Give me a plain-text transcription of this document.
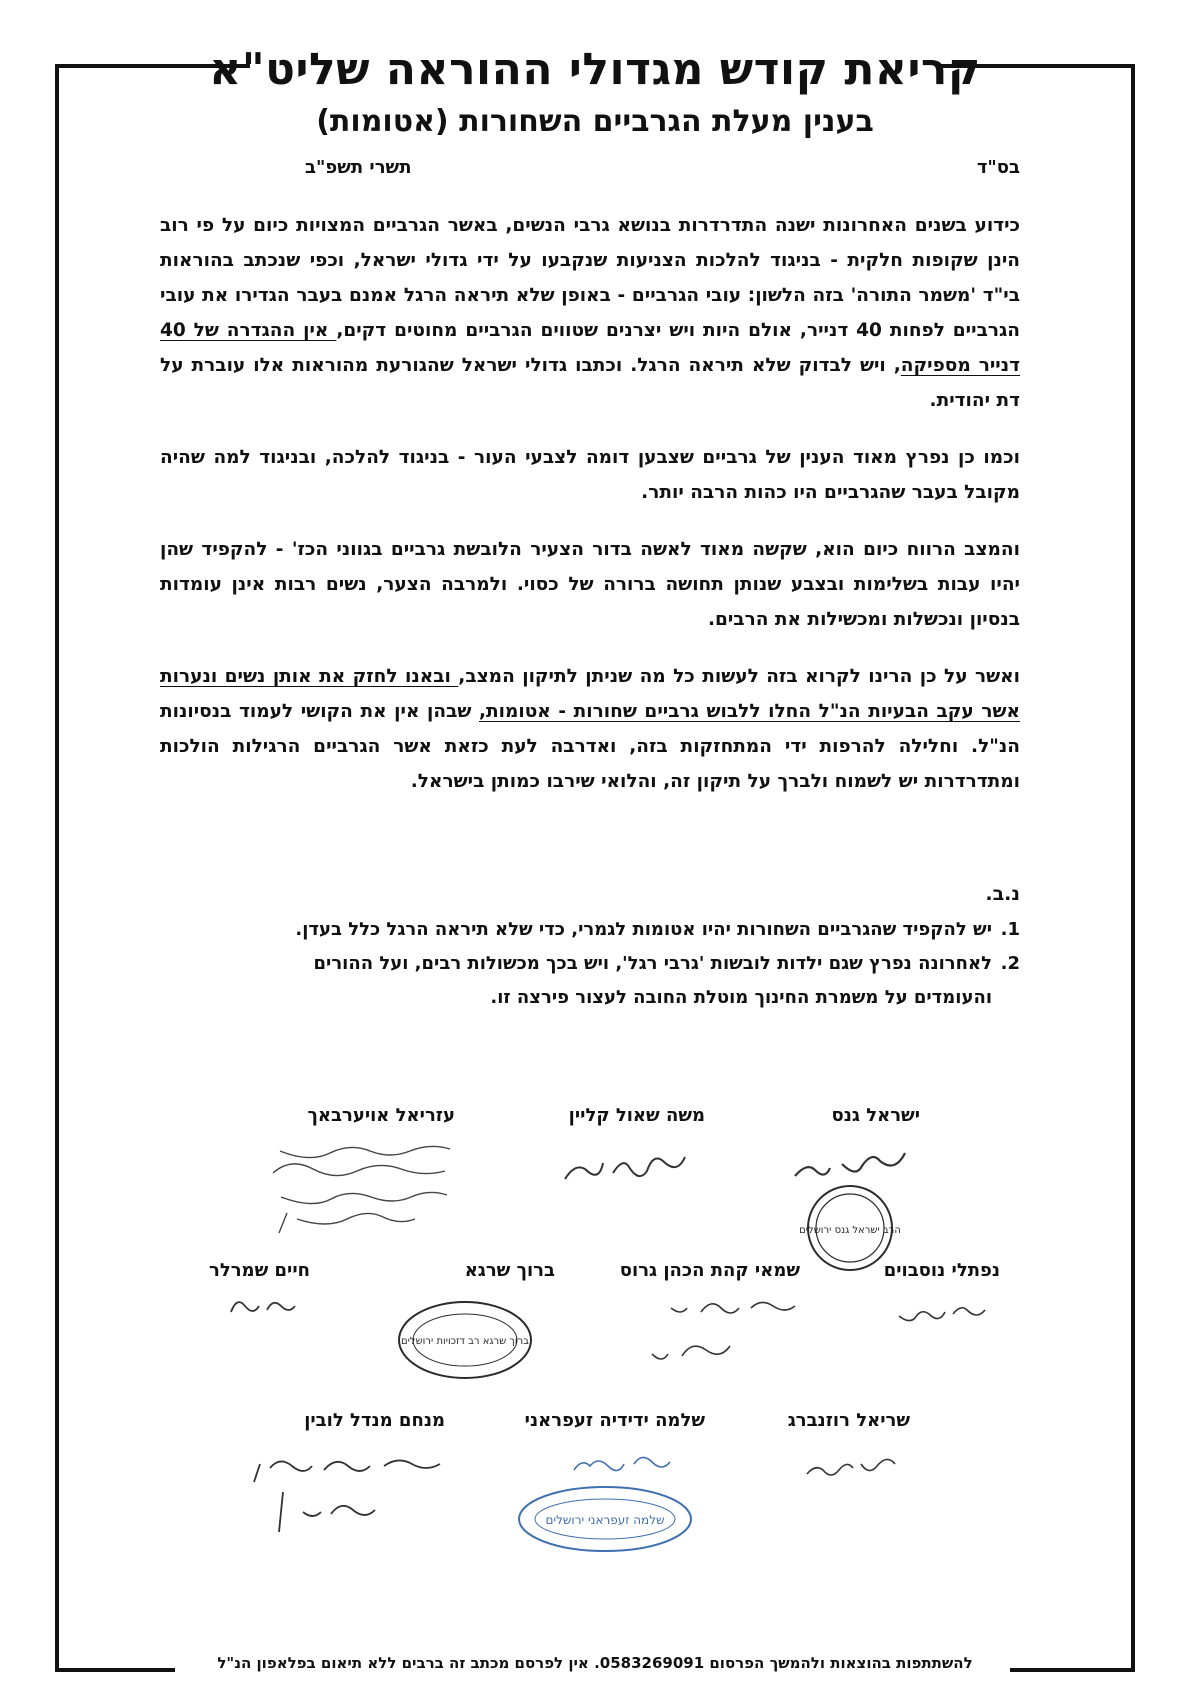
קריאת קודש מגדולי ההוראה שליט"א
בענין מעלת הגרביים השחורות (אטומות)
בס"ד
תשרי תשפ"ב

כידוע בשנים האחרונות ישנה התדרדרות בנושא גרבי הנשים, באשר הגרביים המצויות כיום על פי רוב הינן שקופות חלקית - בניגוד להלכות הצניעות שנקבעו על ידי גדולי ישראל, וכפי שנכתב בהוראות בי"ד 'משמר התורה' בזה הלשון: עובי הגרביים - באופן שלא תיראה הרגל אמנם בעבר הגדירו את עובי הגרביים לפחות 40 דנייר, אולם היות ויש יצרנים שטווים הגרביים מחוטים דקים, אין ההגדרה של 40 דנייר מספיקה, ויש לבדוק שלא תיראה הרגל. וכתבו גדולי ישראל שהגורעת מהוראות אלו עוברת על דת יהודית.

וכמו כן נפרץ מאוד הענין של גרביים שצבען דומה לצבעי העור - בניגוד להלכה, ובניגוד למה שהיה מקובל בעבר שהגרביים היו כהות הרבה יותר.

והמצב הרווח כיום הוא, שקשה מאוד לאשה בדור הצעיר הלובשת גרביים בגווני הכז' - להקפיד שהן יהיו עבות בשלימות ובצבע שנותן תחושה ברורה של כסוי. ולמרבה הצער, נשים רבות אינן עומדות בנסיון ונכשלות ומכשילות את הרבים.

ואשר על כן הרינו לקרוא בזה לעשות כל מה שניתן לתיקון המצב, ובאנו לחזק את אותן נשים ונערות אשר עקב הבעיות הנ"ל החלו ללבוש גרביים שחורות - אטומות, שבהן אין את הקושי לעמוד בנסיונות הנ"ל. וחלילה להרפות ידי המתחזקות בזה, ואדרבה לעת כזאת אשר הגרביים הרגילות הולכות ומתדרדרות יש לשמוח ולברך על תיקון זה, והלואי שירבו כמותן בישראל.

נ.ב.

1.
יש להקפיד שהגרביים השחורות יהיו אטומות לגמרי, כדי שלא תיראה הרגל כלל בעדן.

2.
לאחרונה נפרץ שגם ילדות לובשות 'גרבי רגל', ויש בכך מכשולות רבים, ועל ההורים והעומדים על משמרת החינוך מוטלת החובה לעצור פירצה זו.

ישראל גנס
הרב ישראל גנס ירושלים
משה שאול קליין
עזריאל אויערבאך
נפתלי נוסבוים
שמאי קהת הכהן גרוס
ברוך שרגא
ברוך שרגא רב דזכויות ירושלים
חיים שמרלר
שריאל רוזנברג
שלמה ידידיה זעפראני
שלמה זעפראני ירושלים
מנחם מנדל לובין
להשתתפות בהוצאות ולהמשך הפרסום 0583269091. אין לפרסם מכתב זה ברבים ללא תיאום בפלאפון הנ"ל
